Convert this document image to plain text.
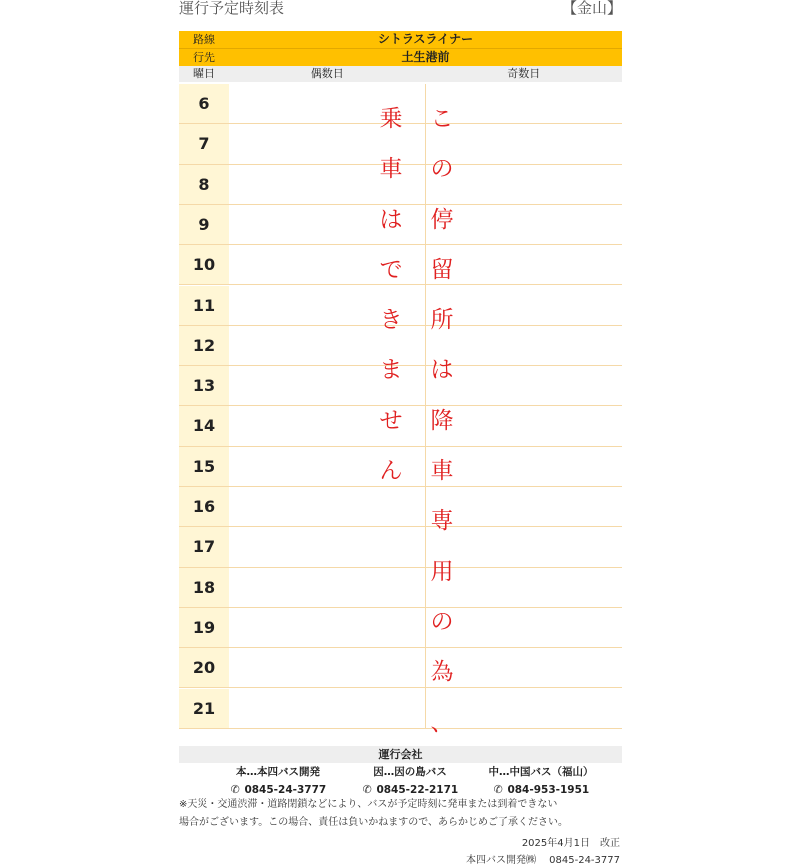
運行予定時刻表	【金山】
路線	シトラスライナー
行先	土生港前
曜日	偶数日	奇数日
6
7
8
9
10
11
12
13
14
15
16
17
18
19
20
21
乗
車
は
で
き
ま
せ
ん
こ
の
停
留
所
は
降
車
専
用
の
為
、
運行会社
本…本四バス開発
✆ 0845-24-3777
因…因の島バス
✆ 0845-22-2171
中…中国バス（福山）
✆ 084-953-1951
※天災・交通渋滞・道路閉鎖などにより、バスが予定時刻に発車または到着できない
場合がございます。この場合、責任は負いかねますので、あらかじめご了承ください。
2025年4月1日　改正
本四バス開発㈱　 0845-24-3777
